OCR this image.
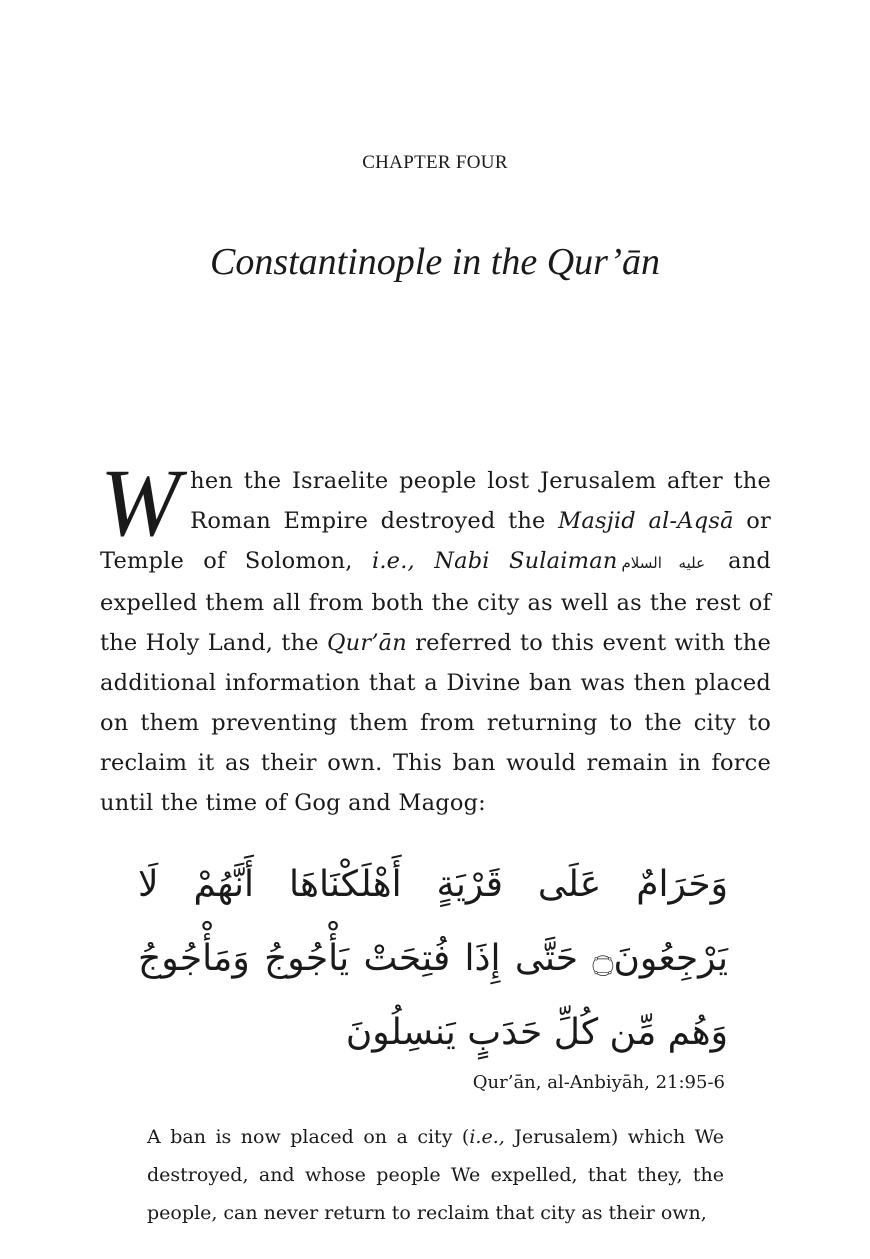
CHAPTER FOUR
Constantinople in the Qur’ān
When the Israelite people lost Jerusalem after the Roman Empire destroyed the Masjid al-Aqsā or Temple of Solomon, i.e., Nabi Sulaiman عليه السلام and expelled them all from both the city as well as the rest of the Holy Land, the Qur’ān referred to this event with the additional information that a Divine ban was then placed on them preventing them from returning to the city to reclaim it as their own. This ban would remain in force until the time of Gog and Magog:
وَحَرَامٌ عَلَى قَرْيَةٍ أَهْلَكْنَاهَا أَنَّهُمْ لَا يَرْجِعُونَ۝ حَتَّى إِذَا فُتِحَتْ يَأْجُوجُ وَمَأْجُوجُ وَهُم مِّن كُلِّ حَدَبٍ يَنسِلُونَ
Qur’ān, al-Anbiyāh, 21:95-6
A ban is now placed on a city (i.e., Jerusalem) which We destroyed, and whose people We expelled, that they, the people, can never return to reclaim that city as their own,
